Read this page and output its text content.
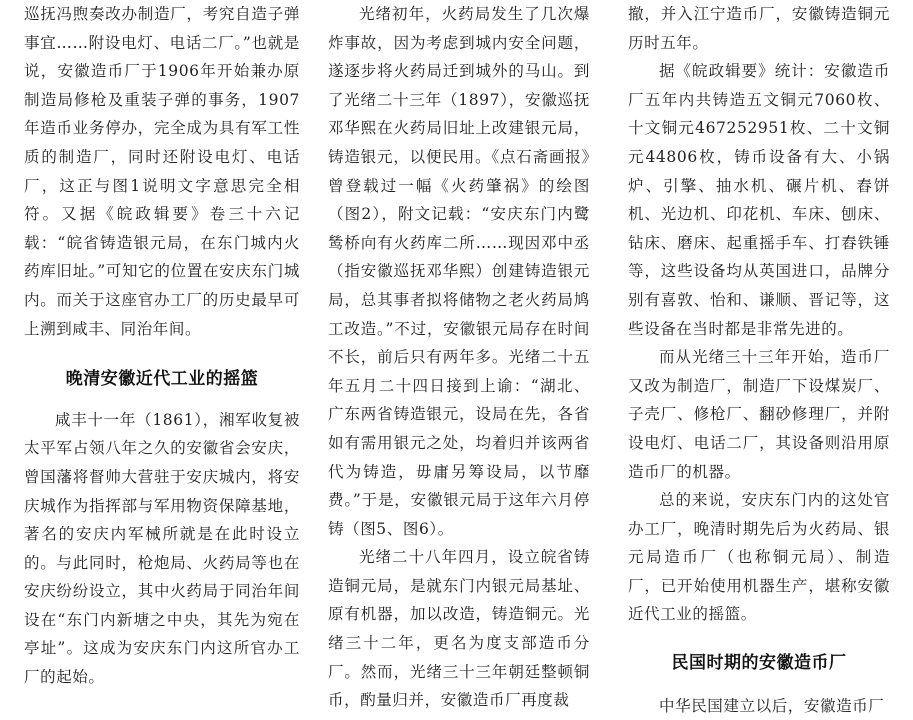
巡抚冯煦奏改办制造厂，考究自造子弹事宜……附设电灯、电话二厂。”也就是说，安徽造币厂于1906年开始兼办原制造局修枪及重装子弹的事务，1907年造币业务停办，完全成为具有军工性质的制造厂，同时还附设电灯、电话厂，这正与图1说明文字意思完全相符。又据《皖政辑要》卷三十六记载：“皖省铸造银元局，在东门城内火药库旧址。”可知它的位置在安庆东门城内。而关于这座官办工厂的历史最早可上溯到咸丰、同治年间。

晚清安徽近代工业的摇篮

咸丰十一年（1861），湘军收复被太平军占领八年之久的安徽省会安庆，曾国藩将督帅大营驻于安庆城内，将安庆城作为指挥部与军用物资保障基地，著名的安庆内军械所就是在此时设立的。与此同时，枪炮局、火药局等也在安庆纷纷设立，其中火药局于同治年间设在“东门内新塘之中央，其先为宛在亭址”。这成为安庆东门内这所官办工厂的起始。

光绪初年，火药局发生了几次爆炸事故，因为考虑到城内安全问题，遂逐步将火药局迁到城外的马山。到了光绪二十三年（1897），安徽巡抚邓华熙在火药局旧址上改建银元局，铸造银元，以便民用。《点石斋画报》曾登载过一幅《火药肇祸》的绘图（图2），附文记载：“安庆东门内鹭鸶桥向有火药库二所……现因邓中丞（指安徽巡抚邓华熙）创建铸造银元局，总其事者拟将储物之老火药局鸠工改造。”不过，安徽银元局存在时间不长，前后只有两年多。光绪二十五年五月二十四日接到上谕：“湖北、广东两省铸造银元，设局在先，各省如有需用银元之处，均着归并该两省代为铸造，毋庸另筹设局，以节靡费。”于是，安徽银元局于这年六月停铸（图5、图6）。

光绪二十八年四月，设立皖省铸造铜元局，是就东门内银元局基址、原有机器，加以改造，铸造铜元。光绪三十二年，更名为度支部造币分厂。然而，光绪三十三年朝廷整顿铜币，酌量归并，安徽造币厂再度裁

撤，并入江宁造币厂，安徽铸造铜元历时五年。

据《皖政辑要》统计：安徽造币厂五年内共铸造五文铜元7060枚、十文铜元467252951枚、二十文铜元44806枚，铸币设备有大、小锅炉、引擎、抽水机、碾片机、舂饼机、光边机、印花机、车床、刨床、钻床、磨床、起重摇手车、打舂铁锤等，这些设备均从英国进口，品牌分别有喜敦、怡和、谦顺、晋记等，这些设备在当时都是非常先进的。

而从光绪三十三年开始，造币厂又改为制造厂，制造厂下设煤炭厂、子壳厂、修枪厂、翻砂修理厂，并附设电灯、电话二厂，其设备则沿用原造币厂的机器。

总的来说，安庆东门内的这处官办工厂，晚清时期先后为火药局、银元局造币厂（也称铜元局）、制造厂，已开始使用机器生产，堪称安徽近代工业的摇篮。

民国时期的安徽造币厂

中华民国建立以后，安徽造币厂
